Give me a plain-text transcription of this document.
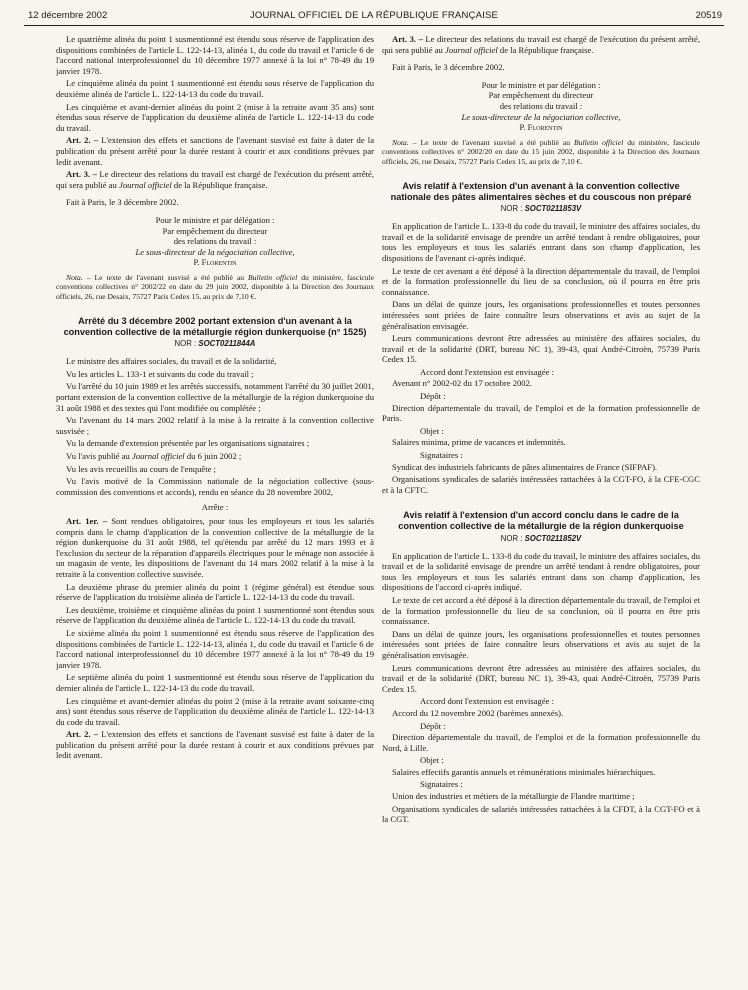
12 décembre 2002	JOURNAL OFFICIEL DE LA RÉPUBLIQUE FRANÇAISE	20519

Le quatrième alinéa du point 1 susmentionné est étendu sous réserve de l'application des dispositions combinées de l'article L. 122-14-13, alinéa 1, du code du travail et l'article 6 de l'accord national interprofessionnel du 10 décembre 1977 annexé à la loi n° 78-49 du 19 janvier 1978.

Le cinquième alinéa du point 1 susmentionné est étendu sous réserve de l'application du deuxième alinéa de l'article L. 122-14-13 du code du travail.

Les cinquième et avant-dernier alinéas du point 2 (mise à la retraite avant 35 ans) sont étendus sous réserve de l'application du deuxième alinéa de l'article L. 122-14-13 du code du travail.

Art. 2. – L'extension des effets et sanctions de l'avenant susvisé est faite à dater de la publication du présent arrêté pour la durée restant à courir et aux conditions prévues par ledit avenant.

Art. 3. – Le directeur des relations du travail est chargé de l'exécution du présent arrêté, qui sera publié au Journal officiel de la République française.

Fait à Paris, le 3 décembre 2002.

Pour le ministre et par délégation :

Par empêchement du directeur

des relations du travail :

Le sous-directeur de la négociation collective,

P. Florentin

Nota. – Le texte de l'avenant susvisé a été publié au Bulletin officiel du ministère, fascicule conventions collectives n° 2002/22 en date du 29 juin 2002, disponible à la Direction des Journaux officiels, 26, rue Desaix, 75727 Paris Cedex 15, au prix de 7,10 €.

Arrêté du 3 décembre 2002 portant extension d'un avenant à la convention collective de la métallurgie région dunkerquoise (n° 1525)
NOR : SOCT0211844A

Le ministre des affaires sociales, du travail et de la solidarité,

Vu les articles L. 133-1 et suivants du code du travail ;

Vu l'arrêté du 10 juin 1989 et les arrêtés successifs, notamment l'arrêté du 30 juillet 2001, portant extension de la convention collective de la métallurgie de la région dunkerquoise du 31 août 1988 et des textes qui l'ont modifiée ou complétée ;

Vu l'avenant du 14 mars 2002 relatif à la mise à la retraite à la convention collective susvisée ;

Vu la demande d'extension présentée par les organisations signataires ;

Vu l'avis publié au Journal officiel du 6 juin 2002 ;

Vu les avis recueillis au cours de l'enquête ;

Vu l'avis motivé de la Commission nationale de la négociation collective (sous-commission des conventions et accords), rendu en séance du 28 novembre 2002,

Arrête :

Art. 1er. – Sont rendues obligatoires, pour tous les employeurs et tous les salariés compris dans le champ d'application de la convention collective de la métallurgie de la région dunkerquoise du 31 août 1988, tel qu'étendu par arrêté du 12 mars 1993 et à l'exclusion du secteur de la réparation d'appareils électriques pour le ménage non associée à un magasin de vente, les dispositions de l'avenant du 14 mars 2002 relatif à la mise à la retraite à la convention collective susvisée.

La deuxième phrase du premier alinéa du point 1 (régime général) est étendue sous réserve de l'application du troisième alinéa de l'article L. 122-14-13 du code du travail.

Les deuxième, troisième et cinquième alinéas du point 1 susmentionné sont étendus sous réserve de l'application du deuxième alinéa de l'article L. 122-14-13 du code du travail.

Le sixième alinéa du point 1 susmentionné est étendu sous réserve de l'application des dispositions combinées de l'article L. 122-14-13, alinéa 1, du code du travail et l'article 6 de l'accord national interprofessionnel du 10 décembre 1977 annexé à la loi n° 78-49 du 19 janvier 1978.

Le septième alinéa du point 1 susmentionné est étendu sous réserve de l'application du dernier alinéa de l'article L. 122-14-13 du code du travail.

Les cinquième et avant-dernier alinéas du point 2 (mise à la retraite avant soixante-cinq ans) sont étendus sous réserve de l'application du deuxième alinéa de l'article L. 122-14-13 du code du travail.

Art. 2. – L'extension des effets et sanctions de l'avenant susvisé est faite à dater de la publication du présent arrêté pour la durée restant à courir et aux conditions prévues par ledit avenant.

Art. 3. – Le directeur des relations du travail est chargé de l'exécution du présent arrêté, qui sera publié au Journal officiel de la République française.

Fait à Paris, le 3 décembre 2002.

Pour le ministre et par délégation :

Par empêchement du directeur

des relations du travail :

Le sous-directeur de la négociation collective,

P. Florentin

Nota. – Le texte de l'avenant susvisé a été publié au Bulletin officiel du ministère, fascicule conventions collectives n° 2002/20 en date du 15 juin 2002, disponible à la Direction des Journaux officiels, 26, rue Desaix, 75727 Paris Cedex 15, au prix de 7,10 €.

Avis relatif à l'extension d'un avenant à la convention collective nationale des pâtes alimentaires sèches et du couscous non préparé
NOR : SOCT0211853V

En application de l'article L. 133-8 du code du travail, le ministre des affaires sociales, du travail et de la solidarité envisage de prendre un arrêté tendant à rendre obligatoires, pour tous les employeurs et tous les salariés entrant dans son champ d'application, les dispositions de l'avenant ci-après indiqué.

Le texte de cet avenant a été déposé à la direction départementale du travail, de l'emploi et de la formation professionnelle du lieu de sa conclusion, où il pourra en être pris connaissance.

Dans un délai de quinze jours, les organisations professionnelles et toutes personnes intéressées sont priées de faire connaître leurs observations et avis au sujet de la généralisation envisagée.

Leurs communications devront être adressées au ministère des affaires sociales, du travail et de la solidarité (DRT, bureau NC 1), 39-43, quai André-Citroën, 75739 Paris Cedex 15.

Accord dont l'extension est envisagée :

Avenant n° 2002-02 du 17 octobre 2002.

Dépôt :

Direction départementale du travail, de l'emploi et de la formation professionnelle de Paris.

Objet :

Salaires minima, prime de vacances et indemnités.

Signataires :

Syndicat des industriels fabricants de pâtes alimentaires de France (SIFPAF).

Organisations syndicales de salariés intéressées rattachées à la CGT-FO, à la CFE-CGC et à la CFTC.

Avis relatif à l'extension d'un accord conclu dans le cadre de la convention collective de la métallurgie de la région dunkerquoise
NOR : SOCT0211852V

En application de l'article L. 133-8 du code du travail, le ministre des affaires sociales, du travail et de la solidarité envisage de prendre un arrêté tendant à rendre obligatoires, pour tous les employeurs et tous les salariés entrant dans son champ d'application, les dispositions de l'accord ci-après indiqué.

Le texte de cet accord a été déposé à la direction départementale du travail, de l'emploi et de la formation professionnelle du lieu de sa conclusion, où il pourra en être pris connaissance.

Dans un délai de quinze jours, les organisations professionnelles et toutes personnes intéressées sont priées de faire connaître leurs observations et avis au sujet de la généralisation envisagée.

Leurs communications devront être adressées au ministère des affaires sociales, du travail et de la solidarité (DRT, bureau NC 1), 39-43, quai André-Citroën, 75739 Paris Cedex 15.

Accord dont l'extension est envisagée :

Accord du 12 novembre 2002 (barèmes annexés).

Dépôt :

Direction départementale du travail, de l'emploi et de la formation professionnelle du Nord, à Lille.

Objet :

Salaires effectifs garantis annuels et rémunérations minimales hiérarchiques.

Signataires :

Union des industries et métiers de la métallurgie de Flandre maritime ;

Organisations syndicales de salariés intéressées rattachées à la CFDT, à la CGT-FO et à la CGT.
